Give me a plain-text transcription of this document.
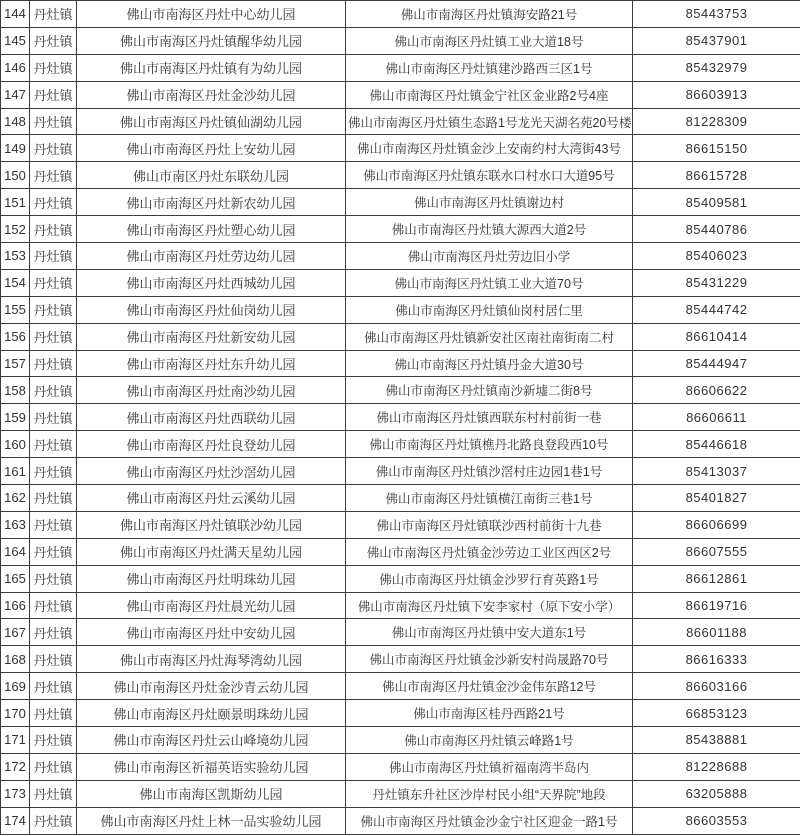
144	丹灶镇	佛山市南海区丹灶中心幼儿园	佛山市南海区丹灶镇海安路21号	85443753
145	丹灶镇	佛山市南海区丹灶镇醒华幼儿园	佛山市南海区丹灶镇工业大道18号	85437901
146	丹灶镇	佛山市南海区丹灶镇有为幼儿园	佛山市南海区丹灶镇建沙路西三区1号	85432979
147	丹灶镇	佛山市南海区丹灶金沙幼儿园	佛山市南海区丹灶镇金宁社区金业路2号4座	86603913
148	丹灶镇	佛山市南海区丹灶镇仙湖幼儿园	佛山市南海区丹灶镇生态路1号龙光天湖名苑20号楼	81228309
149	丹灶镇	佛山市南海区丹灶上安幼儿园	佛山市南海区丹灶镇金沙上安南约村大湾街43号	86615150
150	丹灶镇	佛山市南区丹灶东联幼儿园	佛山市南海区丹灶镇东联水口村水口大道95号	86615728
151	丹灶镇	佛山市南海区丹灶新农幼儿园	佛山市南海区丹灶镇谢边村	85409581
152	丹灶镇	佛山市南海区丹灶塑心幼儿园	佛山市南海区丹灶镇大源西大道2号	85440786
153	丹灶镇	佛山市南海区丹灶劳边幼儿园	佛山市南海区丹灶劳边旧小学	85406023
154	丹灶镇	佛山市南海区丹灶西城幼儿园	佛山市南海区丹灶镇工业大道70号	85431229
155	丹灶镇	佛山市南海区丹灶仙岗幼儿园	佛山市南海区丹灶镇仙岗村居仁里	85444742
156	丹灶镇	佛山市南海区丹灶新安幼儿园	佛山市南海区丹灶镇新安社区南社南街南二村	86610414
157	丹灶镇	佛山市南海区丹灶东升幼儿园	佛山市南海区丹灶镇丹金大道30号	85444947
158	丹灶镇	佛山市南海区丹灶南沙幼儿园	佛山市南海区丹灶镇南沙新墟二街8号	86606622
159	丹灶镇	佛山市南海区丹灶西联幼儿园	佛山市南海区丹灶镇西联东村村前街一巷	86606611
160	丹灶镇	佛山市南海区丹灶良登幼儿园	佛山市南海区丹灶镇樵丹北路良登段西10号	85446618
161	丹灶镇	佛山市南海区丹灶沙滘幼儿园	佛山市南海区丹灶镇沙滘村庄边园1巷1号	85413037
162	丹灶镇	佛山市南海区丹灶云溪幼儿园	佛山市南海区丹灶镇横江南街三巷1号	85401827
163	丹灶镇	佛山市南海区丹灶镇联沙幼儿园	佛山市南海区丹灶镇联沙西村前街十九巷	86606699
164	丹灶镇	佛山市南海区丹灶满天星幼儿园	佛山市南海区丹灶镇金沙劳边工业区西区2号	86607555
165	丹灶镇	佛山市南海区丹灶明珠幼儿园	佛山市南海区丹灶镇金沙罗行育英路1号	86612861
166	丹灶镇	佛山市南海区丹灶晨光幼儿园	佛山市南海区丹灶镇下安李家村（原下安小学）	86619716
167	丹灶镇	佛山市南海区丹灶中安幼儿园	佛山市南海区丹灶镇中安大道东1号	86601188
168	丹灶镇	佛山市南海区丹灶海琴湾幼儿园	佛山市南海区丹灶镇金沙新安村尚晟路70号	86616333
169	丹灶镇	佛山市南海区丹灶金沙青云幼儿园	佛山市南海区丹灶镇金沙金伟东路12号	86603166
170	丹灶镇	佛山市南海区丹灶颐景明珠幼儿园	佛山市南海区桂丹西路21号	66853123
171	丹灶镇	佛山市南海区丹灶云山峰境幼儿园	佛山市南海区丹灶镇云峰路1号	85438881
172	丹灶镇	佛山市南海区祈福英语实验幼儿园	佛山市南海区丹灶镇祈福南湾半岛内	81228688
173	丹灶镇	佛山市南海区凯斯幼儿园	丹灶镇东升社区沙岸村民小组“天界院”地段	63205888
174	丹灶镇	佛山市南海区丹灶上林一品实验幼儿园	佛山市南海区丹灶镇金沙金宁社区迎金一路1号	86603553
